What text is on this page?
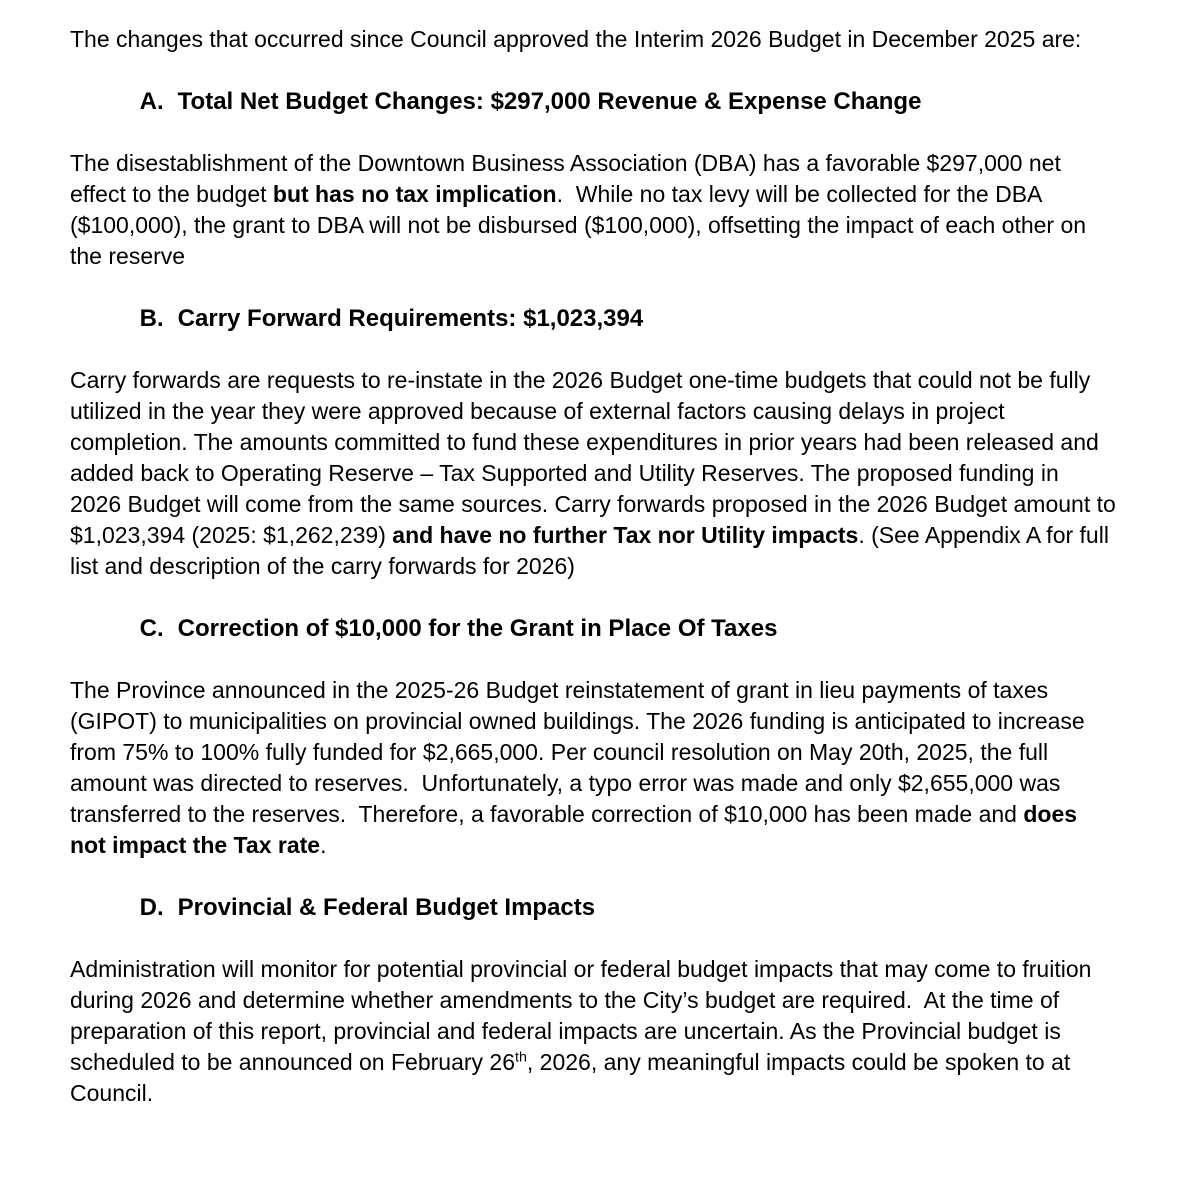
The changes that occurred since Council approved the Interim 2026 Budget in December 2025 are:

A. Total Net Budget Changes: $297,000 Revenue & Expense Change

The disestablishment of the Downtown Business Association (DBA) has a favorable $297,000 net effect to the budget but has no tax implication.  While no tax levy will be collected for the DBA ($100,000), the grant to DBA will not be disbursed ($100,000), offsetting the impact of each other on the reserve

B. Carry Forward Requirements: $1,023,394

Carry forwards are requests to re-instate in the 2026 Budget one-time budgets that could not be fully utilized in the year they were approved because of external factors causing delays in project completion. The amounts committed to fund these expenditures in prior years had been released and added back to Operating Reserve – Tax Supported and Utility Reserves. The proposed funding in 2026 Budget will come from the same sources. Carry forwards proposed in the 2026 Budget amount to $1,023,394 (2025: $1,262,239) and have no further Tax nor Utility impacts. (See Appendix A for full list and description of the carry forwards for 2026)

C. Correction of $10,000 for the Grant in Place Of Taxes

The Province announced in the 2025-26 Budget reinstatement of grant in lieu payments of taxes (GIPOT) to municipalities on provincial owned buildings. The 2026 funding is anticipated to increase from 75% to 100% fully funded for $2,665,000. Per council resolution on May 20th, 2025, the full amount was directed to reserves.  Unfortunately, a typo error was made and only $2,655,000 was transferred to the reserves.  Therefore, a favorable correction of $10,000 has been made and does not impact the Tax rate.

D. Provincial & Federal Budget Impacts

Administration will monitor for potential provincial or federal budget impacts that may come to fruition during 2026 and determine whether amendments to the City’s budget are required.  At the time of preparation of this report, provincial and federal impacts are uncertain. As the Provincial budget is scheduled to be announced on February 26th, 2026, any meaningful impacts could be spoken to at Council.
